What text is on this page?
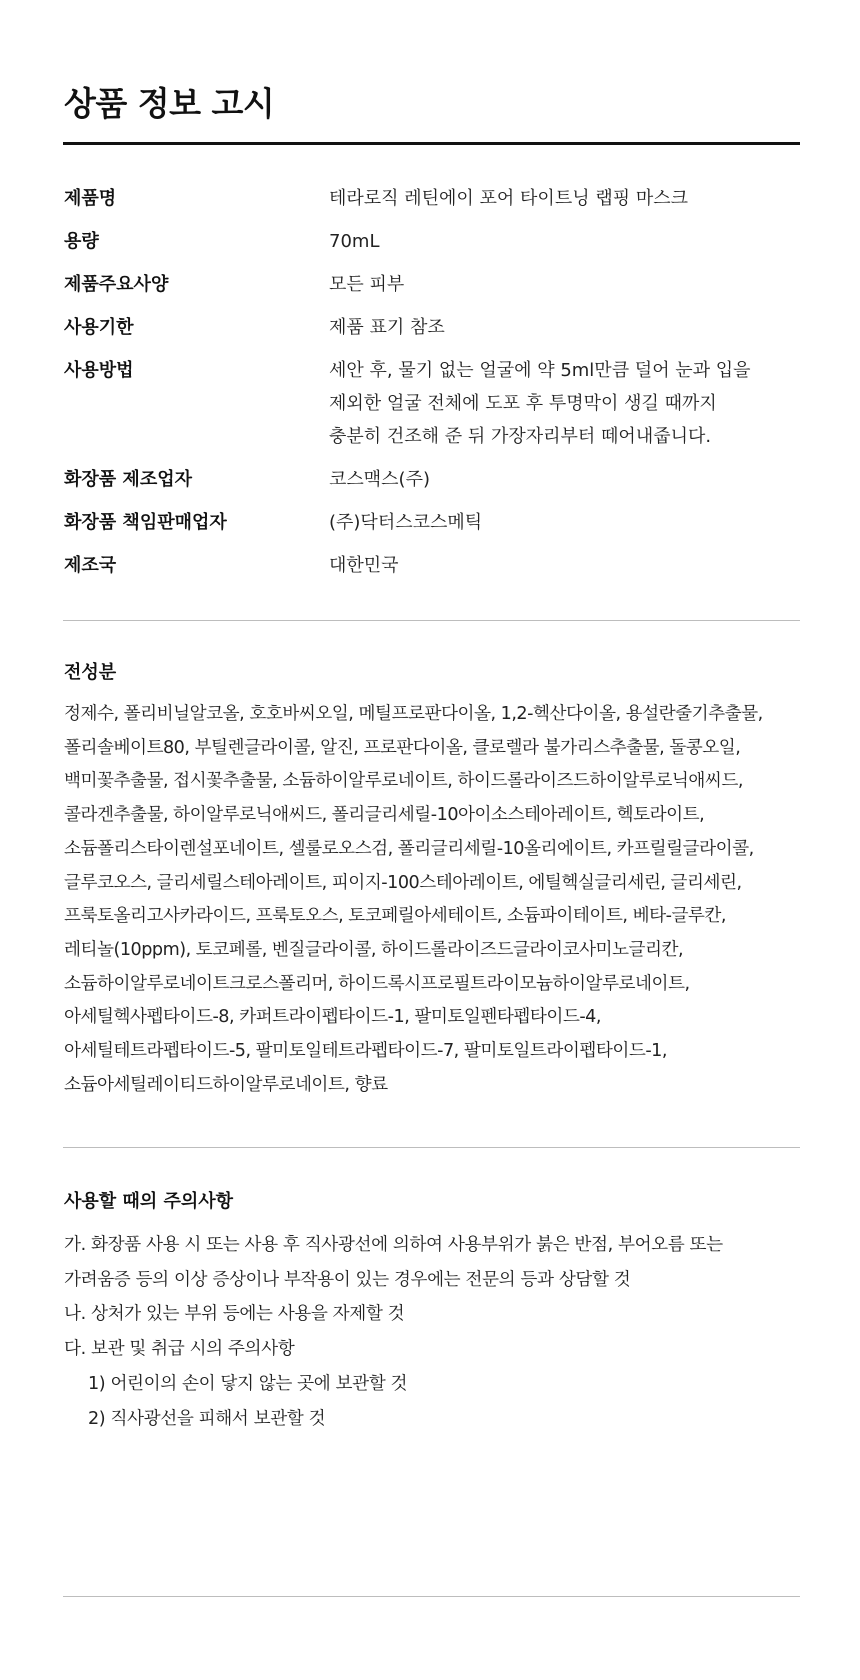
상품 정보 고시
제품명	테라로직 레틴에이 포어 타이트닝 랩핑 마스크
용량	70mL
제품주요사양	모든 피부
사용기한	제품 표기 참조
사용방법	세안 후, 물기 없는 얼굴에 약 5ml만큼 덜어 눈과 입을
제외한 얼굴 전체에 도포 후 투명막이 생길 때까지
충분히 건조해 준 뒤 가장자리부터 떼어내줍니다.
화장품 제조업자	코스맥스(주)
화장품 책임판매업자	(주)닥터스코스메틱
제조국	대한민국
전성분

정제수, 폴리비닐알코올, 호호바씨오일, 메틸프로판다이올, 1,2-헥산다이올, 용설란줄기추출물,
폴리솔베이트80, 부틸렌글라이콜, 알진, 프로판다이올, 클로렐라 불가리스추출물, 돌콩오일,
백미꽃추출물, 접시꽃추출물, 소듐하이알루로네이트, 하이드롤라이즈드하이알루로닉애씨드,
콜라겐추출물, 하이알루로닉애씨드, 폴리글리세릴-10아이소스테아레이트, 헥토라이트,
소듐폴리스타이렌설포네이트, 셀룰로오스검, 폴리글리세릴-10올리에이트, 카프릴릴글라이콜,
글루코오스, 글리세릴스테아레이트, 피이지-100스테아레이트, 에틸헥실글리세린, 글리세린,
프룩토올리고사카라이드, 프룩토오스, 토코페릴아세테이트, 소듐파이테이트, 베타-글루칸,
레티놀(10ppm), 토코페롤, 벤질글라이콜, 하이드롤라이즈드글라이코사미노글리칸,
소듐하이알루로네이트크로스폴리머, 하이드록시프로필트라이모늄하이알루로네이트,
아세틸헥사펩타이드-8, 카퍼트라이펩타이드-1, 팔미토일펜타펩타이드-4,
아세틸테트라펩타이드-5, 팔미토일테트라펩타이드-7, 팔미토일트라이펩타이드-1,
소듐아세틸레이티드하이알루로네이트, 향료

사용할 때의 주의사항
가. 화장품 사용 시 또는 사용 후 직사광선에 의하여 사용부위가 붉은 반점, 부어오름 또는
가려움증 등의 이상 증상이나 부작용이 있는 경우에는 전문의 등과 상담할 것
나. 상처가 있는 부위 등에는 사용을 자제할 것
다. 보관 및 취급 시의 주의사항
1) 어린이의 손이 닿지 않는 곳에 보관할 것
2) 직사광선을 피해서 보관할 것
